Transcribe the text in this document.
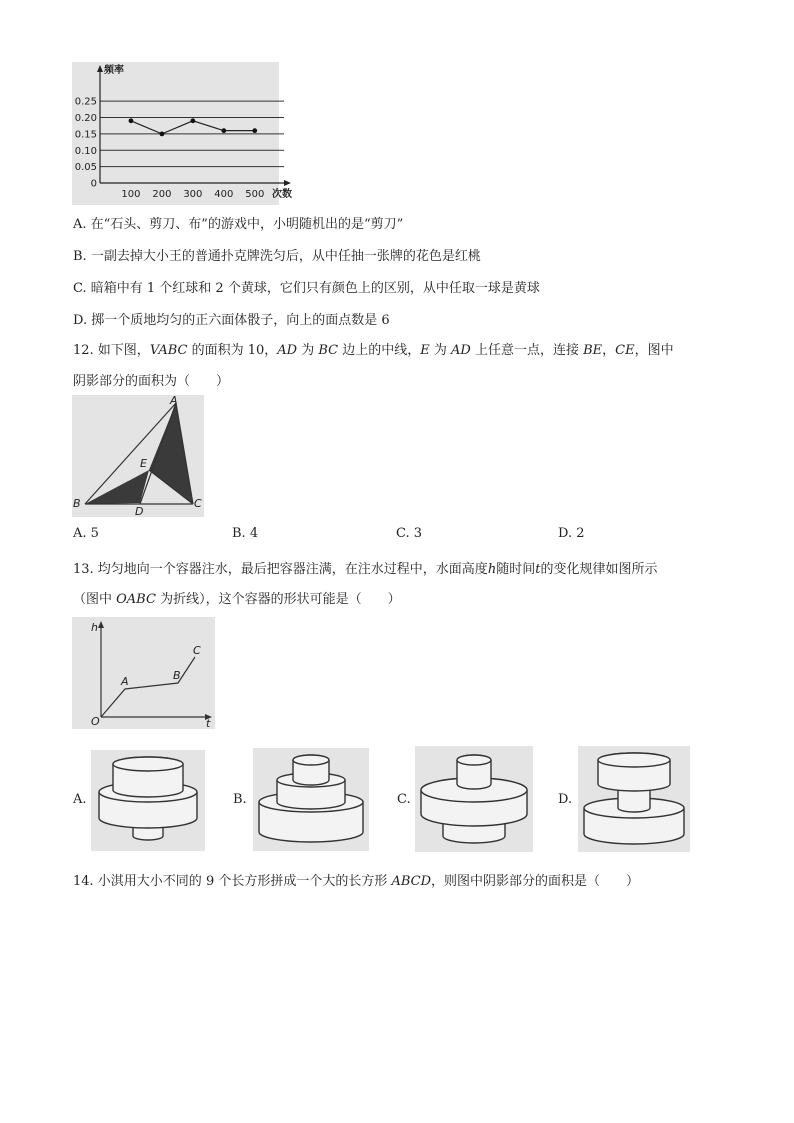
0.25
0.20
0.15
0.10
0.05
0
频率
次数
100 200 300 400 500
A. 在“石头、剪刀、布”的游戏中，小明随机出的是“剪刀”
B. 一副去掉大小王的普通扑克牌洗匀后，从中任抽一张牌的花色是红桃
C. 暗箱中有 1 个红球和 2 个黄球，它们只有颜色上的区别，从中任取一球是黄球
D. 掷一个质地均匀的正六面体骰子，向上的面点数是 6
12. 如下图，VABC 的面积为 10，AD 为 BC 边上的中线，E 为 AD 上任意一点，连接 BE，CE，图中
阴影部分的面积为（　　）
A
B	C
D
E
A. 5	B. 4	C. 3	D. 2
13. 均匀地向一个容器注水，最后把容器注满，在注水过程中，水面高度h随时间t的变化规律如图所示
（图中 OABC 为折线），这个容器的形状可能是（　　）
h
t
O
A	B
C
A.	B.	C.	D.
14. 小淇用大小不同的 9 个长方形拼成一个大的长方形 ABCD，则图中阴影部分的面积是（　　）
